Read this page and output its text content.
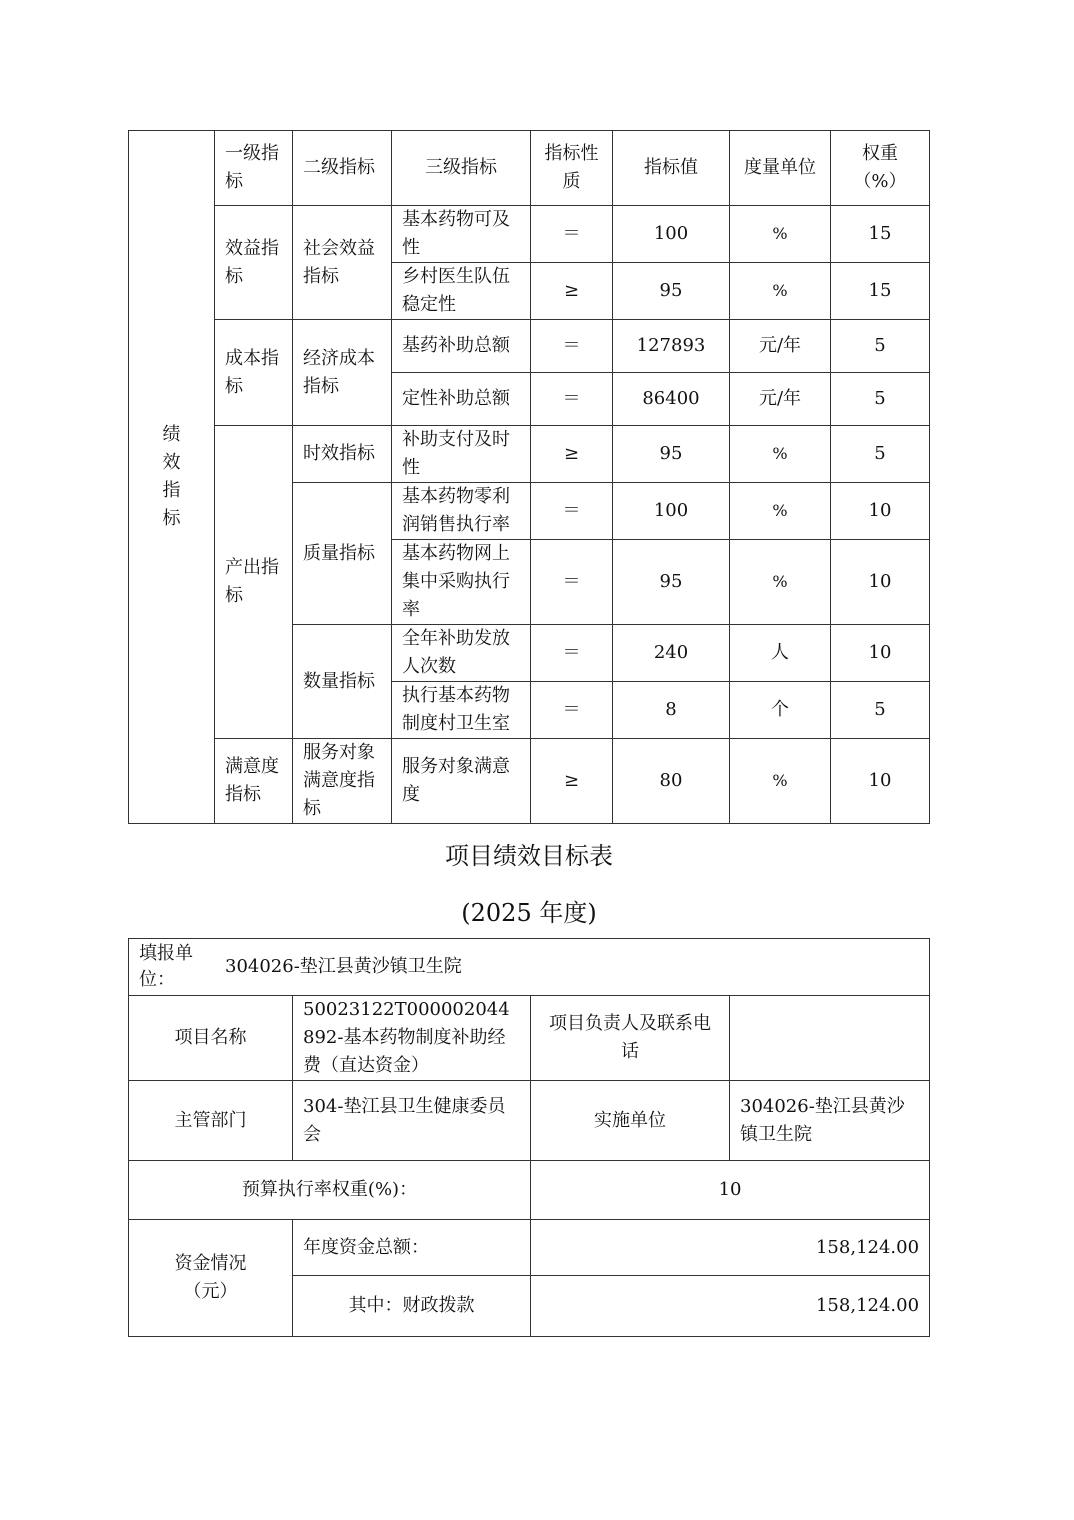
绩效指标	一级指标	二级指标	三级指标	指标性质	指标值	度量单位	权重（%）
	效益指标	社会效益指标	基本药物可及性	＝	100	%	15
			乡村医生队伍稳定性	≥	95	%	15
	成本指标	经济成本指标	基药补助总额	＝	127893	元/年	5
			定性补助总额	＝	86400	元/年	5
	产出指标	时效指标	补助支付及时性	≥	95	%	5
		质量指标	基本药物零利润销售执行率	＝	100	%	10
			基本药物网上集中采购执行率	＝	95	%	10
		数量指标	全年补助发放人次数	＝	240	人	10
			执行基本药物制度村卫生室	＝	8	个	5
	满意度指标	服务对象满意度指标	服务对象满意度	≥	80	%	10
项目绩效目标表
(2025 年度)
填报单位：
304026-垫江县黄沙镇卫生院			

项目名称	50023122T000002044892-基本药物制度补助经费（直达资金）	项目负责人及联系电话	
主管部门	304-垫江县卫生健康委员会	实施单位	304026-垫江县黄沙镇卫生院
预算执行率权重(%)：		10	

资金情况（元）	年度资金总额：	158,124.00	
	其中：财政拨款	158,124.00	
